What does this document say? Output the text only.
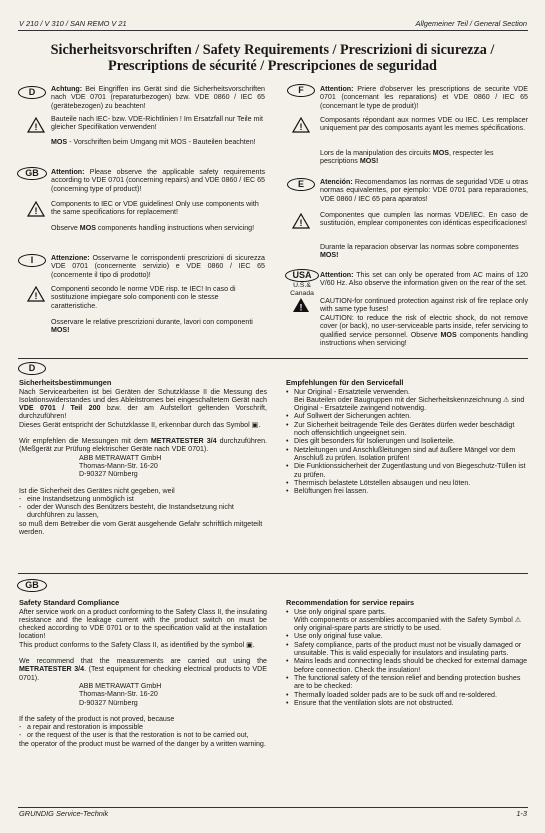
V 210 / V 310 / SAN REMO V 21	Allgemeiner Teil / General Section
Sicherheitsvorschriften / Safety Requirements / Prescrizioni di sicurezza /
Prescriptions de sécurité / Prescripciones de seguridad
D	Achtung: Bei Eingriffen ins Gerät sind die Sicherheitsvorschriften nach VDE 0701 (reparaturbezogen) bzw. VDE 0860 / IEC 65 (gerätebezogen) zu beachten!
Bauteile nach IEC- bzw. VDE-Richtlinien ! Im Ersatzfall nur Teile mit gleicher Specifikation verwenden!
MOS - Vorschriften beim Umgang mit MOS - Bauteilen beachten!
GB	Attention: Please observe the applicable safety requirements according to VDE 0701 (concerning repairs) and VDE 0860 / IEC 65 (concerning type of product)!
Components to IEC or VDE guidelines! Only use components with the same specifications for replacement!
Observe MOS components handling instructions when servicing!
I	Attenzione: Osservarne le corrispondenti prescrizioni di sicurezza VDE 0701 (concernente servizio) e VDE 0860 / IEC 65 (concernente il tipo di prodotto)!
Componenti secondo le norme VDE risp. te IEC! In caso di sostituzione impiegare solo componenti con le stesse caratteristiche.
Osservare le relative prescrizioni durante, lavori con componenti MOS!
F	Attention: Priere d'observer les prescriptions de securite VDE 0701 (concernant les reparations) et VDE 0860 / IEC 65 (concernant le type de produit)!
Composants répondant aux normes VDE ou IEC. Les remplacer uniquement par des composants ayant les memes spécifications.
Lors de la manipulation des circuits MOS, respecter les pescriptions MOS!
E	Atención: Recomendamos las normas de seguridad VDE u otras normas equivalentes, por ejemplo: VDE 0701 para reparaciones, VDE 0860 / IEC 65 para aparatos!
Componentes que cumplen las normas VDE/IEC. En caso de sustitución, emplear componentes con idénticas especificaciones!
Durante la reparacion observar las normas sobre componentes MOS!
USA
U.S.&
Canada
Attention: This set can only be operated from AC mains of 120 V/60 Hz. Also observe the information given on the rear of the set.
CAUTION-for continued protection against risk of fire replace only with same type fuses!
CAUTION: to reduce the risk of electric shock, do not remove cover (or back), no user-serviceable parts inside, refer servicing to qualified service personnel. Observe MOS components handling instructions when servicing!
D
Sicherheitsbestimmungen

Nach Servicearbeiten ist bei Geräten der Schutzklasse II die Messung des Isolationswiderstandes und des Ableitstromes bei eingeschaltetem Gerät nach VDE 0701 / Teil 200 bzw. der am Aufstellort geltenden Vorschrift, durchzuführen!

Dieses Gerät entspricht der Schutzklasse II, erkennbar durch das Symbol ▣.

Wir empfehlen die Messungen mit dem METRATESTER 3/4 durchzuführen. (Meßgerät zur Prüfung elektrischer Geräte nach VDE 0701).

ABB METRAWATT GmbH
Thomas-Mann-Str. 16-20
D-90327 Nürnberg

Ist die Sicherheit des Gerätes nicht gegeben, weil

- eine Instandsetzung unmöglich ist
- oder der Wunsch des Benützers besteht, die Instandsetzung nicht durchführen zu lassen,

so muß dem Betreiber die vom Gerät ausgehende Gefahr schriftlich mitgeteilt werden.

Empfehlungen für den Servicefall
• Nur Original - Ersatzteile verwenden.
Bei Bauteilen oder Baugruppen mit der Sicherheitskennzeichnung ⚠ sind Original - Ersatzteile zwingend notwendig.
• Auf Sollwert der Sicherungen achten.
• Zur Sicherheit beitragende Teile des Gerätes dürfen weder beschädigt noch offensichtlich ungeeignet sein.
• Dies gilt besonders für Isolierungen und Isolierteile.
• Netzleitungen und Anschlußleitungen sind auf äußere Mängel vor dem Anschluß zu prüfen. Isolation prüfen!
• Die Funktionssicherheit der Zugentlastung und von Biegeschutz-Tüllen ist zu prüfen.
• Thermisch belastete Lötstellen absaugen und neu löten.
• Belüftungen frei lassen.
GB
Safety Standard Compliance

After service work on a product conforming to the Safety Class II, the insulating resistance and the leakage current with the product switch on must be checked according to VDE 0701 or to the specification valid at the installation location!

This product conforms to the Safety Class II, as identified by the symbol ▣.

We recommend that the measurements are carried out using the METRATESTER 3/4. (Test equipment for checking electrical products to VDE 0701).

ABB METRAWATT GmbH
Thomas-Mann-Str. 16-20
D-90327 Nürnberg

If the safety of the product is not proved, because

- a repair and restoration is impossible
- or the request of the user is that the restoration is not to be carried out,

the operator of the product must be warned of the danger by a written warning.

Recommendation for service repairs
• Use only original spare parts.
With components or assemblies accompanied with the Safety Symbol ⚠ only original-spare parts are strictly to be used.
• Use only original fuse value.
• Safety compliance, parts of the product must not be visually damaged or unsuitable. This is valid especially for insulators and insulating parts.
• Mains leads and connecting leads should be checked for external damage before connection. Check the insulation!
• The functional safety of the tension relief and bending protection bushes are to be checked:
• Thermally loaded solder pads are to be suck off and re-soldered.
• Ensure that the ventilation slots are not obstructed.
GRUNDIG Service-Technik	1-3
